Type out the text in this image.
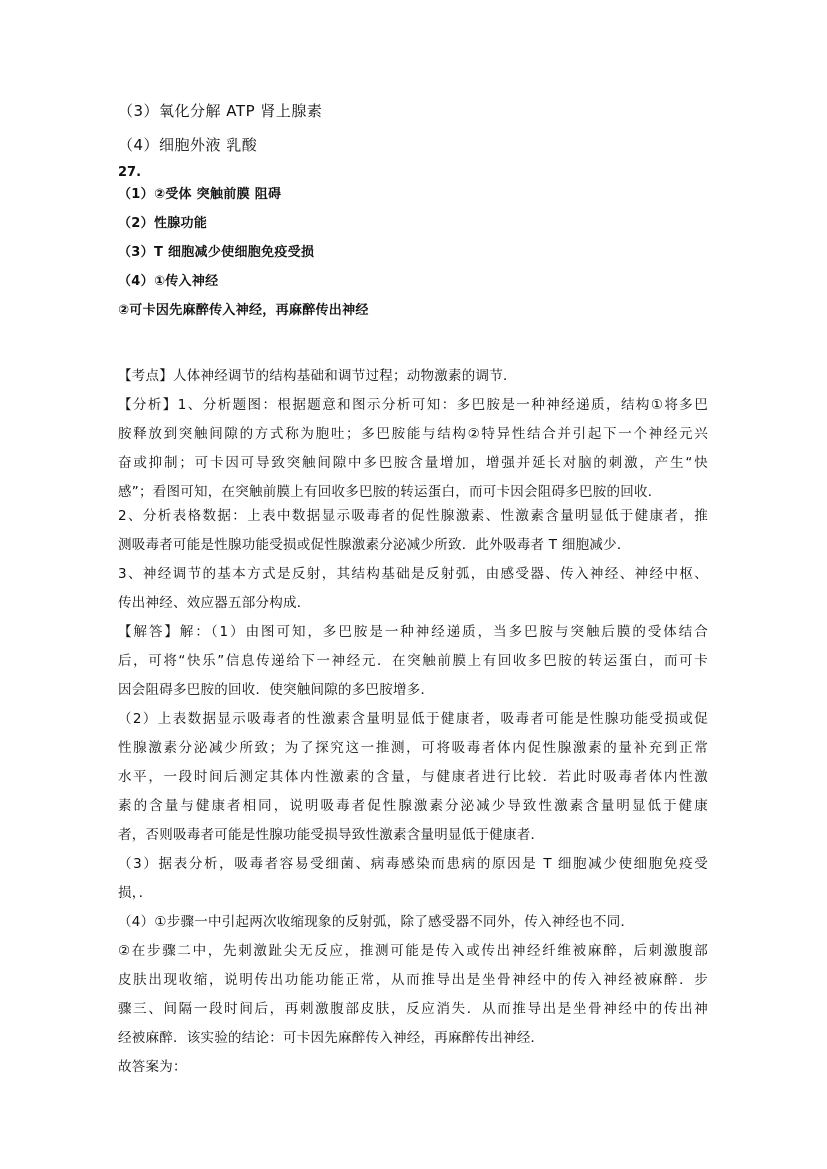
（3）氧化分解 ATP 肾上腺素
（4）细胞外液 乳酸
27.
（1）②受体 突触前膜 阻碍
（2）性腺功能
（3）T 细胞减少使细胞免疫受损
（4）①传入神经
②可卡因先麻醉传入神经，再麻醉传出神经
【考点】人体神经调节的结构基础和调节过程；动物激素的调节．
【分析】1、分析题图：根据题意和图示分析可知：多巴胺是一种神经递质，结构①将多巴
胺释放到突触间隙的方式称为胞吐；多巴胺能与结构②特异性结合并引起下一个神经元兴
奋或抑制；可卡因可导致突触间隙中多巴胺含量增加，增强并延长对脑的刺激，产生“快
感”；看图可知，在突触前膜上有回收多巴胺的转运蛋白，而可卡因会阻碍多巴胺的回收．
2、分析表格数据：上表中数据显示吸毒者的促性腺激素、性激素含量明显低于健康者，推
测吸毒者可能是性腺功能受损或促性腺激素分泌减少所致．此外吸毒者 T 细胞减少．
3、神经调节的基本方式是反射，其结构基础是反射弧，由感受器、传入神经、神经中枢、
传出神经、效应器五部分构成．
【解答】解：（1）由图可知，多巴胺是一种神经递质，当多巴胺与突触后膜的受体结合
后，可将“快乐”信息传递给下一神经元．在突触前膜上有回收多巴胺的转运蛋白，而可卡
因会阻碍多巴胺的回收．使突触间隙的多巴胺增多．
（2）上表数据显示吸毒者的性激素含量明显低于健康者，吸毒者可能是性腺功能受损或促
性腺激素分泌减少所致；为了探究这一推测，可将吸毒者体内促性腺激素的量补充到正常
水平，一段时间后测定其体内性激素的含量，与健康者进行比较．若此时吸毒者体内性激
素的含量与健康者相同，说明吸毒者促性腺激素分泌减少导致性激素含量明显低于健康
者，否则吸毒者可能是性腺功能受损导致性激素含量明显低于健康者．
（3）据表分析，吸毒者容易受细菌、病毒感染而患病的原因是 T 细胞减少使细胞免疫受
损，．
（4）①步骤一中引起两次收缩现象的反射弧，除了感受器不同外，传入神经也不同．
②在步骤二中，先刺激趾尖无反应，推测可能是传入或传出神经纤维被麻醉，后刺激腹部
皮肤出现收缩，说明传出功能功能正常，从而推导出是坐骨神经中的传入神经被麻醉．步
骤三、间隔一段时间后，再刺激腹部皮肤，反应消失．从而推导出是坐骨神经中的传出神
经被麻醉．该实验的结论：可卡因先麻醉传入神经，再麻醉传出神经．
故答案为：
